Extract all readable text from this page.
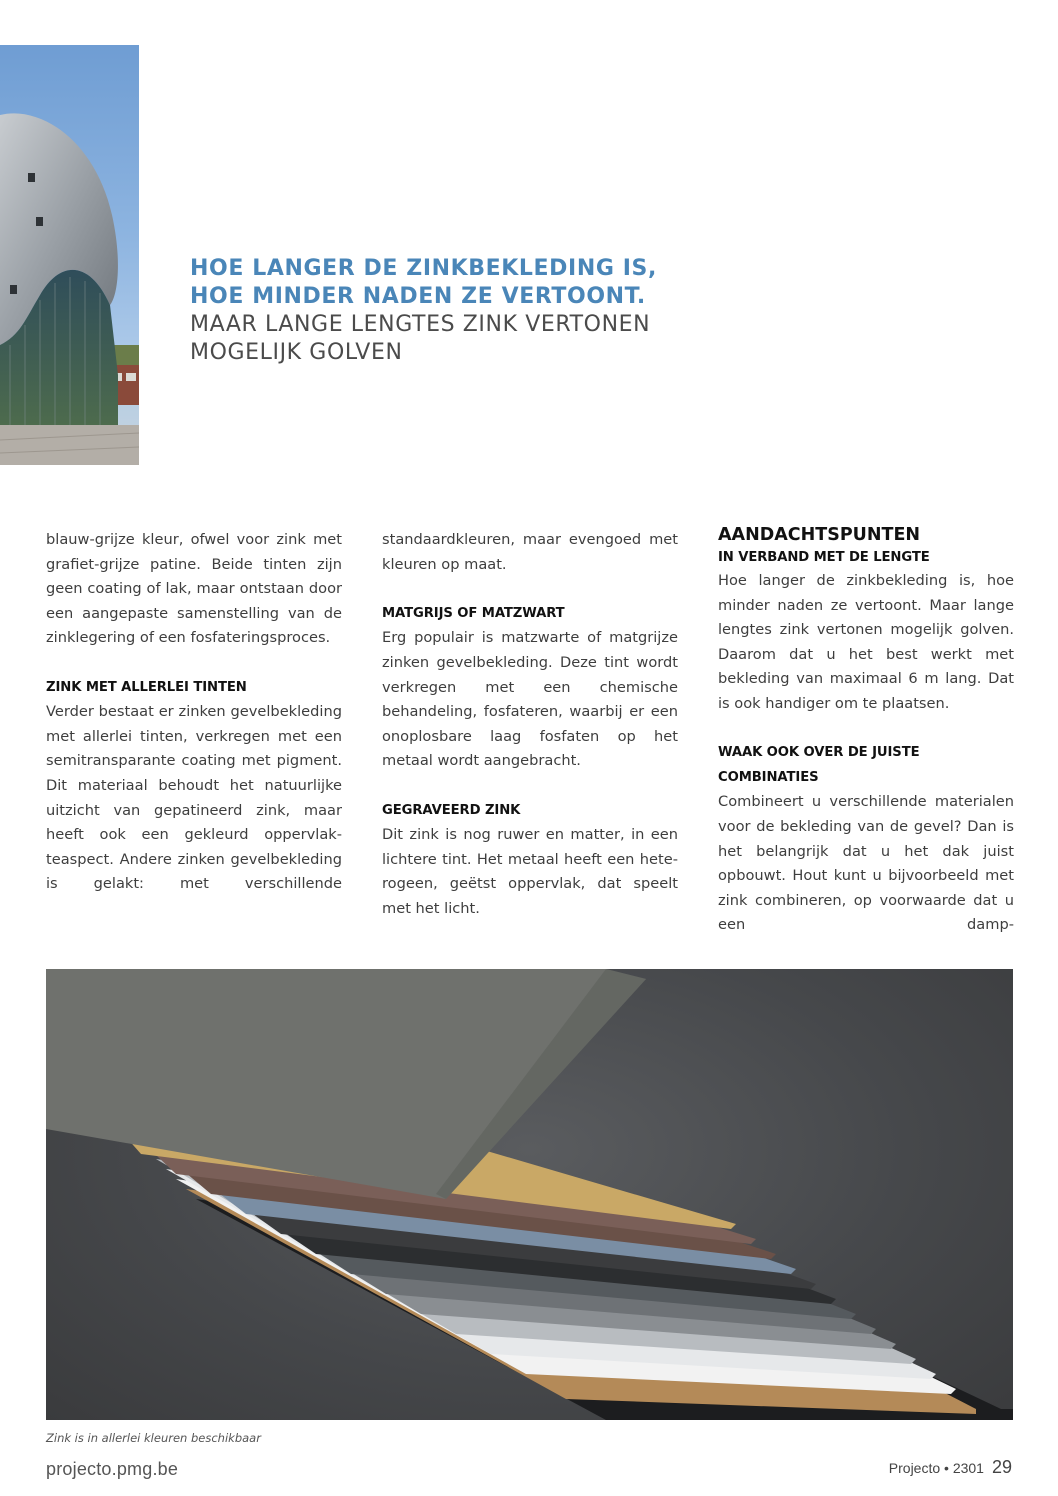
HOE LANGER DE ZINKBEKLEDING IS,
HOE MINDER NADEN ZE VERTOONT.
MAAR LANGE LENGTES ZINK VERTONEN
MOGELIJK GOLVEN

blauw-grijze kleur, ofwel voor zink met grafiet-grijze patine. Beide tinten zijn geen coating of lak, maar ontstaan door een aangepaste samenstelling van de zinklegering of een fosfateringsproces.

ZINK MET ALLERLEI TINTEN

Verder bestaat er zinken gevelbekleding met allerlei tinten, verkregen met een semitransparante coating met pigment. Dit materiaal behoudt het natuurlijke uitzicht van gepatineerd zink, maar heeft ook een gekleurd oppervlakteaspect. Andere zinken gevelbekleding is gelakt: met verschillende

standaardkleuren, maar evengoed met kleuren op maat.

MATGRIJS OF MATZWART

Erg populair is matzwarte of matgrijze zinken gevelbekleding. Deze tint wordt verkregen met een chemische behandeling, fosfateren, waarbij er een onoplosbare laag fosfaten op het metaal wordt aangebracht.

GEGRAVEERD ZINK

Dit zink is nog ruwer en matter, in een lichtere tint. Het metaal heeft een heterogeen, geëtst oppervlak, dat speelt met het licht.

AANDACHTSPUNTEN
IN VERBAND MET DE LENGTE

Hoe langer de zinkbekleding is, hoe minder naden ze vertoont. Maar lange lengtes zink vertonen mogelijk golven. Daarom dat u het best werkt met bekleding van maximaal 6 m lang. Dat is ook handiger om te plaatsen.

WAAK OOK OVER DE JUISTE COMBINATIES

Combineert u verschillende materialen voor de bekleding van de gevel? Dan is het belangrijk dat u het dak juist opbouwt. Hout kunt u bijvoorbeeld met zink combineren, op voorwaarde dat u een damp-

Zink is in allerlei kleuren beschikbaar
projecto.pmg.be	Projecto • 2301 29
